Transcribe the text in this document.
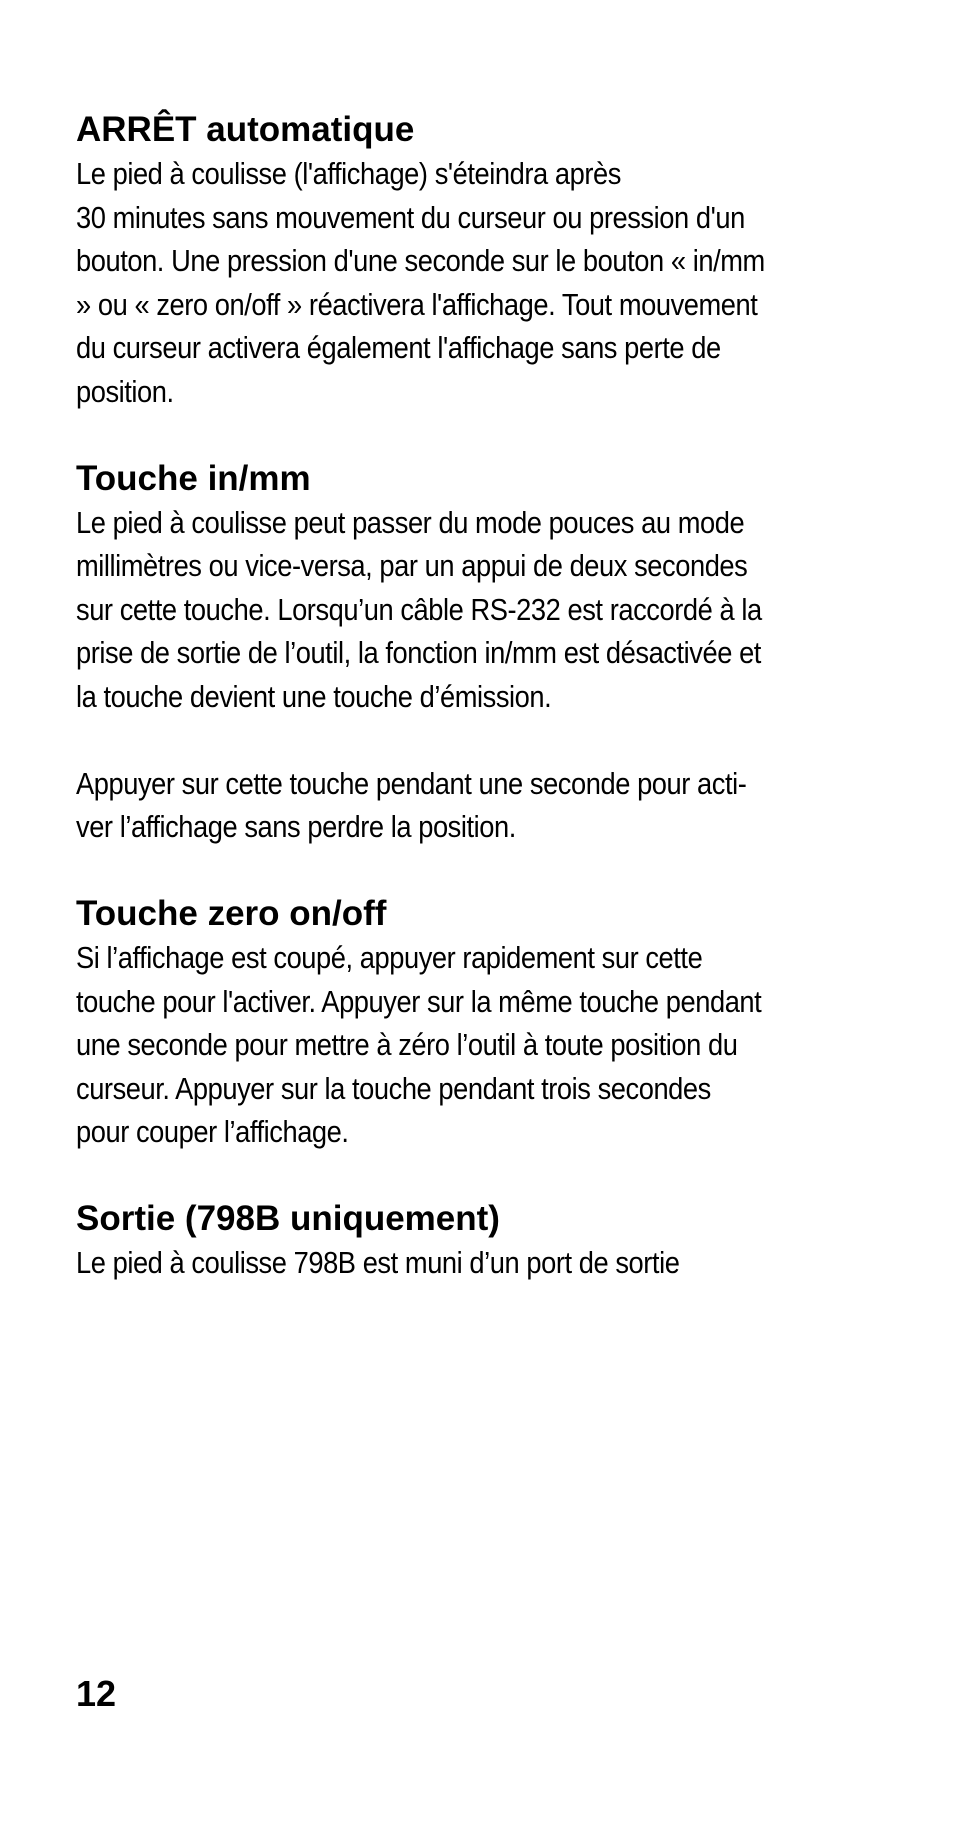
ARRÊT automatique
Le pied à coulisse (l'affichage) s'éteindra après
30 minutes sans mouvement du curseur ou pression d'un
bouton. Une pression d'une seconde sur le bouton « in/mm
» ou « zero on/off » réactivera l'affichage. Tout mouvement
du curseur activera également l'affichage sans perte de
position.
Touche in/mm
Le pied à coulisse peut passer du mode pouces au mode
millimètres ou vice-versa, par un appui de deux secondes
sur cette touche. Lorsqu’un câble RS-232 est raccordé à la
prise de sortie de l’outil, la fonction in/mm est désactivée et
la touche devient une touche d’émission.
Appuyer sur cette touche pendant une seconde pour acti-
ver l’affichage sans perdre la position.
Touche zero on/off
Si l’affichage est coupé, appuyer rapidement sur cette
touche pour l'activer. Appuyer sur la même touche pendant
une seconde pour mettre à zéro l’outil à toute position du
curseur. Appuyer sur la touche pendant trois secondes
pour couper l’affichage.
Sortie (798B uniquement)
Le pied à coulisse 798B est muni d’un port de sortie
12
